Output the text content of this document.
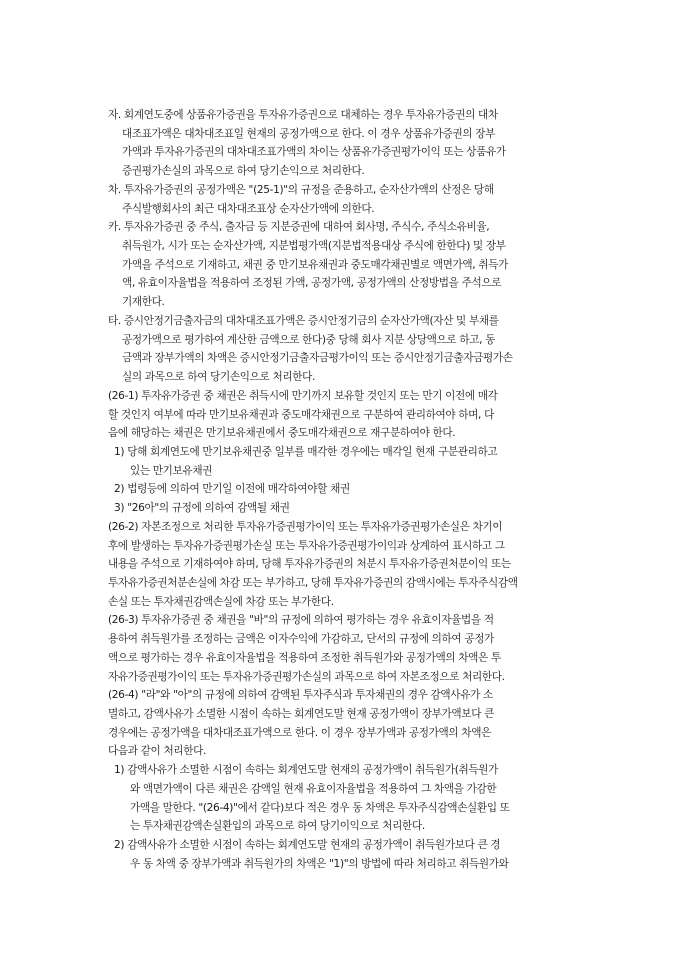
자. 회계연도중에 상품유가증권을 투자유가증권으로 대체하는 경우 투자유가증권의 대차
대조표가액은 대차대조표일 현재의 공정가액으로 한다. 이 경우 상품유가증권의 장부
가액과 투자유가증권의 대차대조표가액의 차이는 상품유가증권평가이익 또는 상품유가
증권평가손실의 과목으로 하여 당기손익으로 처리한다.
차. 투자유가증권의 공정가액은 "(25-1)"의 규정을 준용하고, 순자산가액의 산정은 당해
주식발행회사의 최근 대차대조표상 순자산가액에 의한다.
카. 투자유가증권 중 주식, 출자금 등 지분증권에 대하여 회사명, 주식수, 주식소유비율,
취득원가, 시가 또는 순자산가액, 지분법평가액(지분법적용대상 주식에 한한다) 및 장부
가액을 주석으로 기재하고, 채권 중 만기보유채권과 중도매각채권별로 액면가액, 취득가
액, 유효이자율법을 적용하여 조정된 가액, 공정가액, 공정가액의 산정방법을 주석으로
기재한다.
타. 증시안정기금출자금의 대차대조표가액은 증시안정기금의 순자산가액(자산 및 부채를
공정가액으로 평가하여 계산한 금액으로 한다)중 당해 회사 지분 상당액으로 하고, 동
금액과 장부가액의 차액은 증시안정기금출자금평가이익 또는 증시안정기금출자금평가손
실의 과목으로 하여 당기손익으로 처리한다.
(26-1) 투자유가증권 중 채권은 취득시에 만기까지 보유할 것인지 또는 만기 이전에 매각
할 것인지 여부에 따라 만기보유채권과 중도매각채권으로 구분하여 관리하여야 하며, 다
음에 해당하는 채권은 만기보유채권에서 중도매각채권으로 재구분하여야 한다.
1) 당해 회계연도에 만기보유채권중 일부를 매각한 경우에는 매각일 현재 구분관리하고
있는 만기보유채권
2) 법령등에 의하여 만기일 이전에 매각하여야할 채권
3) "26아"의 규정에 의하여 감액될 채권
(26-2) 자본조정으로 처리한 투자유가증권평가이익 또는 투자유가증권평가손실은 차기이
후에 발생하는 투자유가증권평가손실 또는 투자유가증권평가이익과 상계하여 표시하고 그
내용을 주석으로 기재하여야 하며, 당해 투자유가증권의 처분시 투자유가증권처분이익 또는
투자유가증권처분손실에 차감 또는 부가하고, 당해 투자유가증권의 감액시에는 투자주식감액
손실 또는 투자채권감액손실에 차감 또는 부가한다.
(26-3) 투자유가증권 중 채권을 "바"의 규정에 의하여 평가하는 경우 유효이자율법을 적
용하여 취득원가를 조정하는 금액은 이자수익에 가감하고, 단서의 규정에 의하여 공정가
액으로 평가하는 경우 유효이자율법을 적용하여 조정한 취득원가와 공정가액의 차액은 투
자유가증권평가이익 또는 투자유가증권평가손실의 과목으로 하여 자본조정으로 처리한다.
(26-4) "라"와 "아"의 규정에 의하여 감액된 투자주식과 투자채권의 경우 감액사유가 소
멸하고, 감액사유가 소멸한 시점이 속하는 회계연도말 현재 공정가액이 장부가액보다 큰
경우에는 공정가액을 대차대조표가액으로 한다. 이 경우 장부가액과 공정가액의 차액은
다음과 같이 처리한다.
1) 감액사유가 소멸한 시점이 속하는 회계연도말 현재의 공정가액이 취득원가(취득원가
와 액면가액이 다른 채권은 감액일 현재 유효이자율법을 적용하여 그 차액을 가감한
가액을 말한다. "(26-4)"에서 같다)보다 적은 경우 동 차액은 투자주식감액손실환입 또
는 투자채권감액손실환입의 과목으로 하여 당기이익으로 처리한다.
2) 감액사유가 소멸한 시점이 속하는 회계연도말 현재의 공정가액이 취득원가보다 큰 경
우 동 차액 중 장부가액과 취득원가의 차액은 "1)"의 방법에 따라 처리하고 취득원가와
